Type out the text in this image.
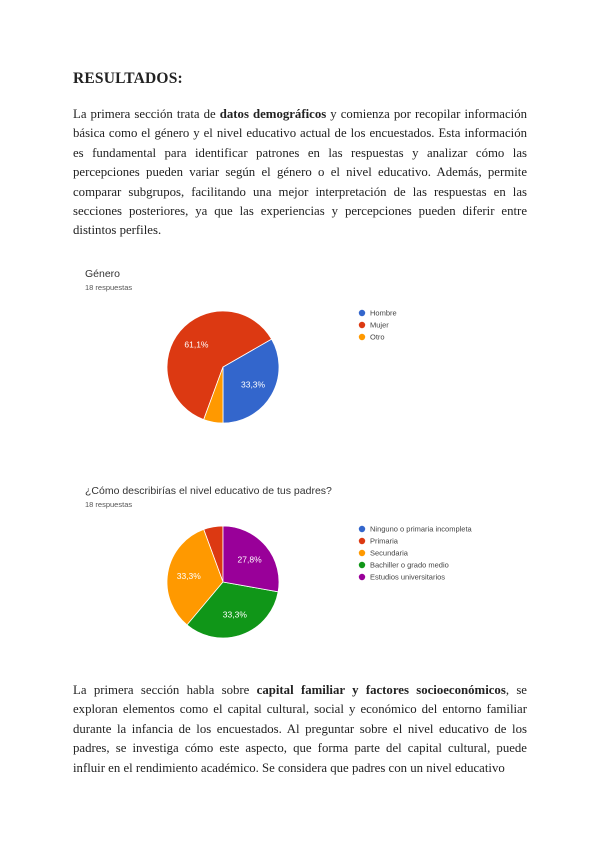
RESULTADOS:

La primera sección trata de datos demográficos y comienza por recopilar información básica como el género y el nivel educativo actual de los encuestados. Esta información es fundamental para identificar patrones en las respuestas y analizar cómo las percepciones pueden variar según el género o el nivel educativo. Además, permite comparar subgrupos, facilitando una mejor interpretación de las respuestas en las secciones posteriores, ya que las experiencias y percepciones pueden diferir entre distintos perfiles.

Género
18 respuestas
¿Cómo describirías el nivel educativo de tus padres?
18 respuestas
33,3%
61,1%
Hombre
Mujer
Otro
33,3%
33,3%
27,8%
Ninguno o primaria incompleta
Primaria
Secundaria
Bachiller o grado medio
Estudios universitarios

La primera sección habla sobre capital familiar y factores socioeconómicos, se exploran elementos como el capital cultural, social y económico del entorno familiar durante la infancia de los encuestados. Al preguntar sobre el nivel educativo de los padres, se investiga cómo este aspecto, que forma parte del capital cultural, puede influir en el rendimiento académico. Se considera que padres con un nivel educativo
